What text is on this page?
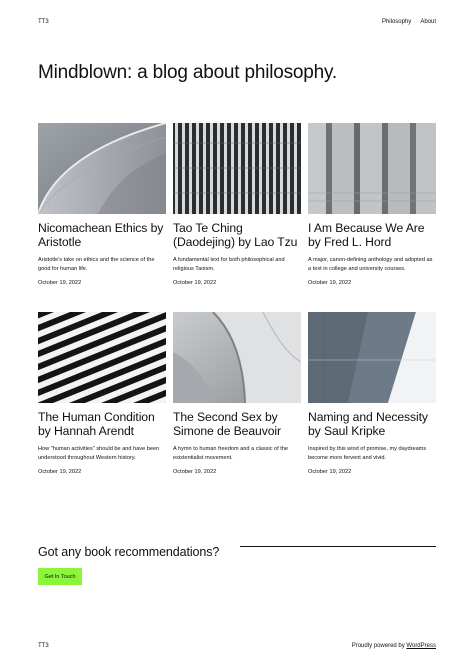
TT3	Philosophy About
Mindblown: a blog about philosophy.
Nicomachean Ethics by Aristotle

Aristotle's take on ethics and the science of the good for human life.

October 19, 2022
Tao Te Ching (Daodejing) by Lao Tzu

A fundamental text for both philosophical and religious Taoism.

October 19, 2022
I Am Because We Are by Fred L. Hord

A major, canon-defining anthology and adopted as a text in college and university courses.

October 19, 2022
The Human Condition by Hannah Arendt

How "human activities" should be and have been understood throughout Western history.

October 19, 2022
The Second Sex by Simone de Beauvoir

A hymn to human freedom and a classic of the existentialist movement.

October 19, 2022
Naming and Necessity by Saul Kripke

Inspired by this wind of promise, my daydreams become more fervent and vivid.

October 19, 2022
Got any book recommendations?
Get In Touch
TT3	Proudly powered by WordPress
